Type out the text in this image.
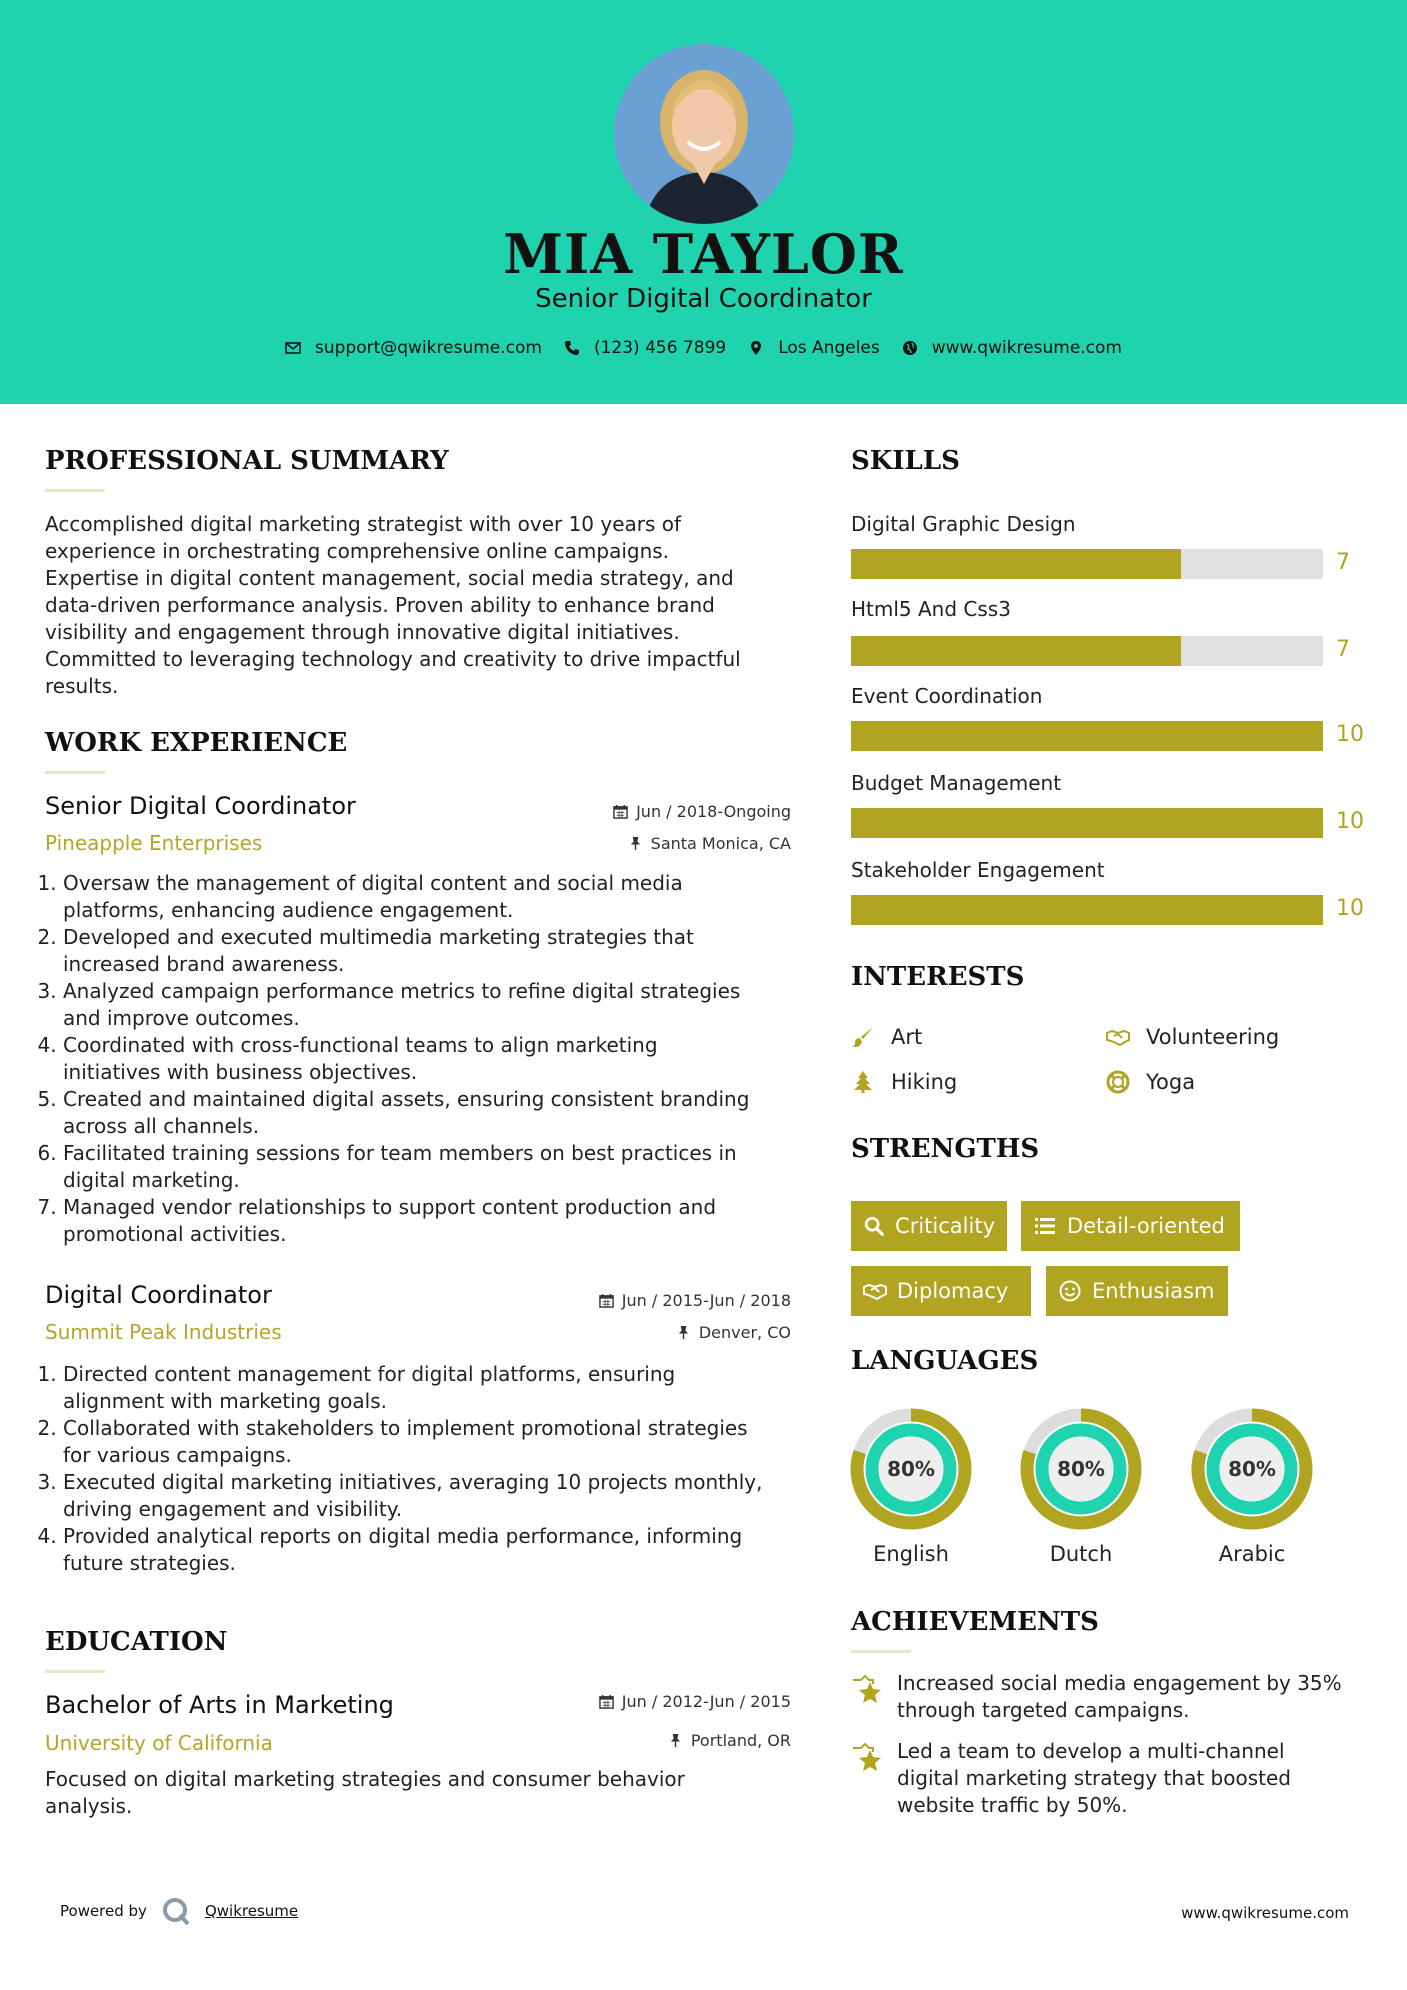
MIA TAYLOR
Senior Digital Coordinator
support@qwikresume.com	(123) 456 7899	Los Angeles	www.qwikresume.com
PROFESSIONAL SUMMARY
Accomplished digital marketing strategist with over 10 years of
experience in orchestrating comprehensive online campaigns.
Expertise in digital content management, social media strategy, and
data-driven performance analysis. Proven ability to enhance brand
visibility and engagement through innovative digital initiatives.
Committed to leveraging technology and creativity to drive impactful
results.
WORK EXPERIENCE
Senior Digital Coordinator
Pineapple Enterprises
Jun / 2018-Ongoing
Santa Monica, CA
1. Oversaw the management of digital content and social media
platforms, enhancing audience engagement.
2. Developed and executed multimedia marketing strategies that
increased brand awareness.
3. Analyzed campaign performance metrics to refine digital strategies
and improve outcomes.
4. Coordinated with cross-functional teams to align marketing
initiatives with business objectives.
5. Created and maintained digital assets, ensuring consistent branding
across all channels.
6. Facilitated training sessions for team members on best practices in
digital marketing.
7. Managed vendor relationships to support content production and
promotional activities.
Digital Coordinator
Summit Peak Industries
Jun / 2015-Jun / 2018
Denver, CO
1. Directed content management for digital platforms, ensuring
alignment with marketing goals.
2. Collaborated with stakeholders to implement promotional strategies
for various campaigns.
3. Executed digital marketing initiatives, averaging 10 projects monthly,
driving engagement and visibility.
4. Provided analytical reports on digital media performance, informing
future strategies.
EDUCATION
Bachelor of Arts in Marketing
University of California
Jun / 2012-Jun / 2015
Portland, OR
Focused on digital marketing strategies and consumer behavior
analysis.
SKILLS
Digital Graphic Design
7
Html5 And Css3
7
Event Coordination
10
Budget Management
10
Stakeholder Engagement
10
INTERESTS
Art	Volunteering
Hiking	Yoga
STRENGTHS
Criticality	Detail-oriented
Diplomacy	Enthusiasm
LANGUAGES
80%
English
80%
Dutch
80%
Arabic
ACHIEVEMENTS
Increased social media engagement by 35%
through targeted campaigns.
Led a team to develop a multi-channel
digital marketing strategy that boosted
website traffic by 50%.
Powered by	Qwikresume	www.qwikresume.com
